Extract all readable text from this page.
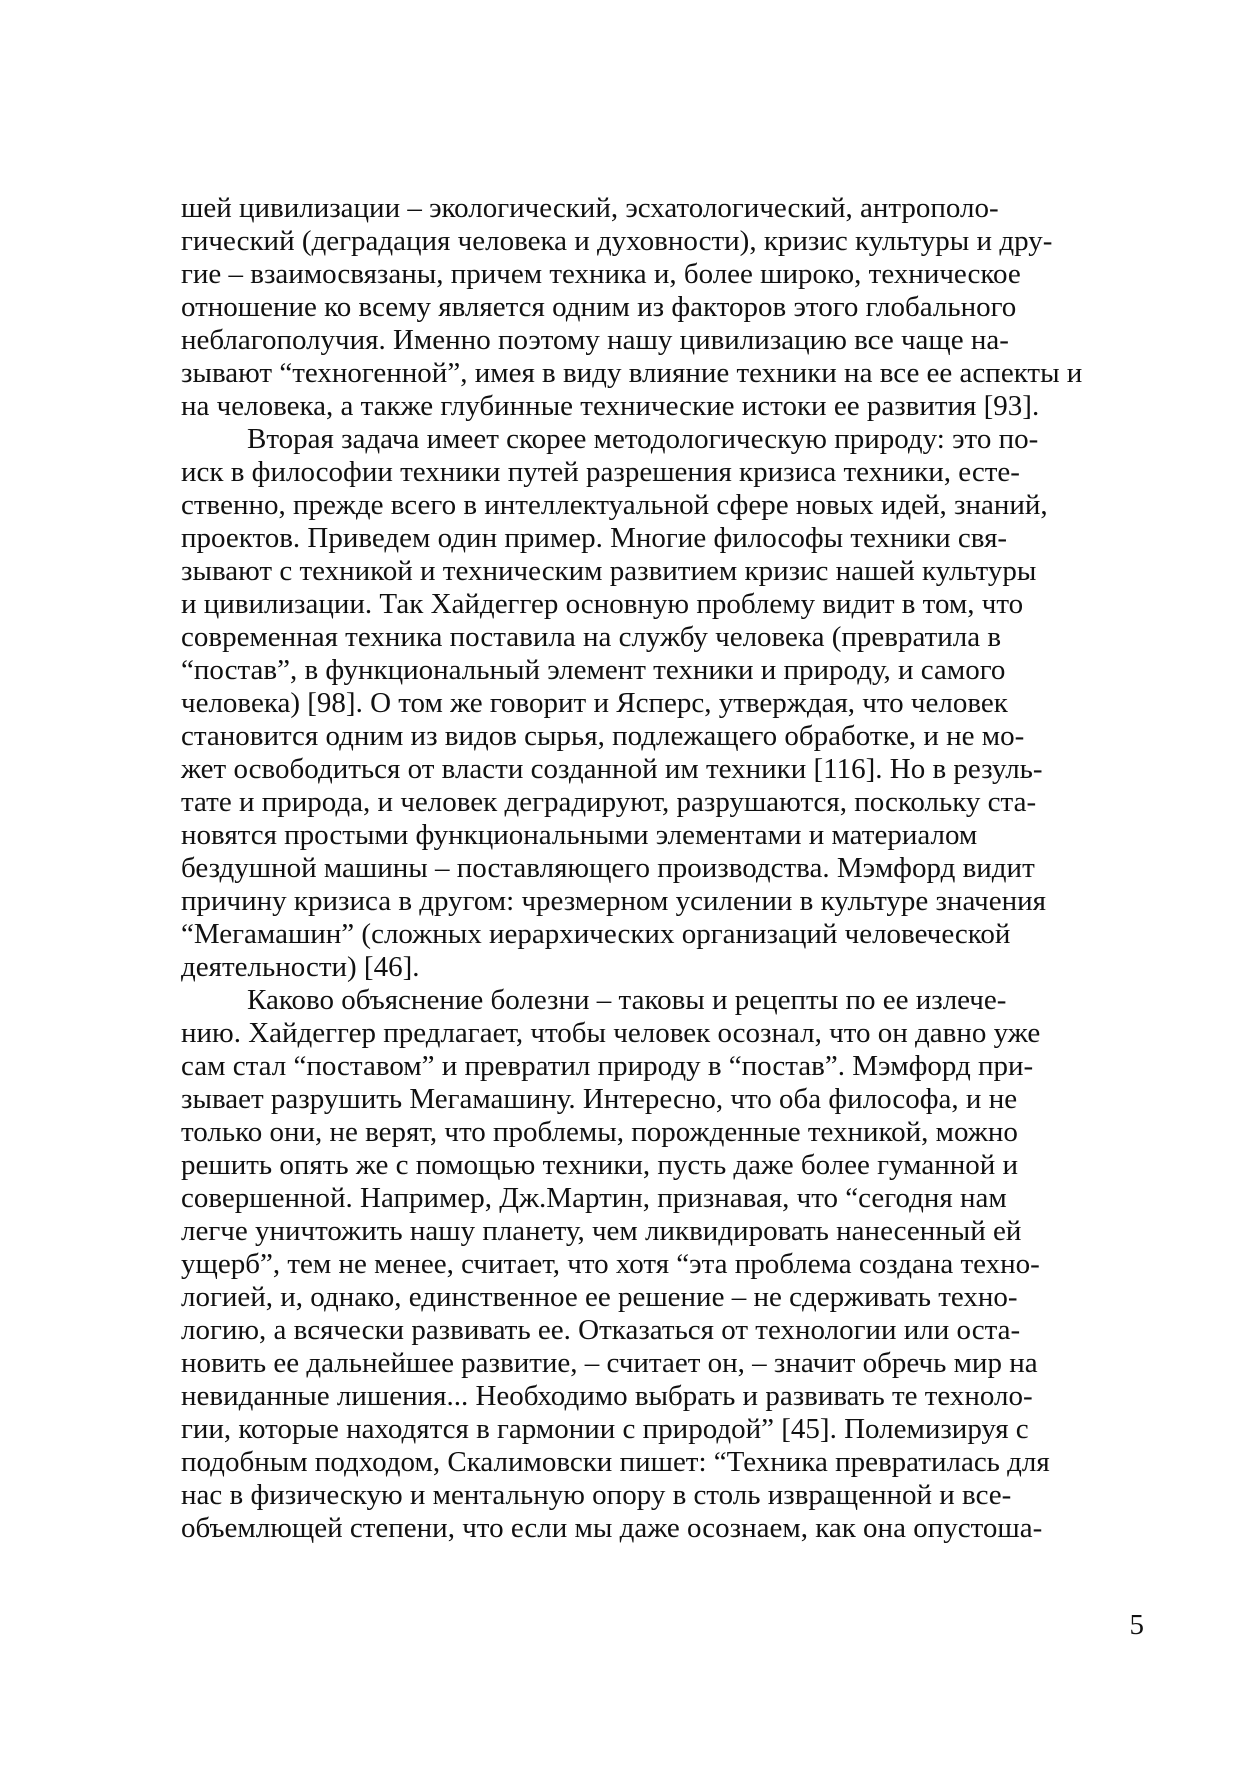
шей цивилизации – экологический, эсхатологический, антрополо-
гический (деградация человека и духовности), кризис культуры и дру-
гие – взаимосвязаны, причем техника и, более широко, техническое
отношение ко всему является одним из факторов этого глобального
неблагополучия. Именно поэтому нашу цивилизацию все чаще на-
зывают “техногенной”, имея в виду влияние техники на все ее аспекты и
на человека, а также глубинные технические истоки ее развития [93].
Вторая задача имеет скорее методологическую природу: это по-
иск в философии техники путей разрешения кризиса техники, есте-
ственно, прежде всего в интеллектуальной сфере новых идей, знаний,
проектов. Приведем один пример. Многие философы техники свя-
зывают с техникой и техническим развитием кризис нашей культуры
и цивилизации. Так Хайдеггер основную проблему видит в том, что
современная техника поставила на службу человека (превратила в
“постав”, в функциональный элемент техники и природу, и самого
человека) [98]. О том же говорит и Ясперс, утверждая, что человек
становится одним из видов сырья, подлежащего обработке, и не мо-
жет освободиться от власти созданной им техники [116]. Но в резуль-
тате и природа, и человек деградируют, разрушаются, поскольку ста-
новятся простыми функциональными элементами и материалом
бездушной машины – поставляющего производства. Мэмфорд видит
причину кризиса в другом: чрезмерном усилении в культуре значения
“Мегамашин” (сложных иерархических организаций человеческой
деятельности) [46].
Каково объяснение болезни – таковы и рецепты по ее излече-
нию. Хайдеггер предлагает, чтобы человек осознал, что он давно уже
сам стал “поставом” и превратил природу в “постав”. Мэмфорд при-
зывает разрушить Мегамашину. Интересно, что оба философа, и не
только они, не верят, что проблемы, порожденные техникой, можно
решить опять же с помощью техники, пусть даже более гуманной и
совершенной. Например, Дж.Мартин, признавая, что “сегодня нам
легче уничтожить нашу планету, чем ликвидировать нанесенный ей
ущерб”, тем не менее, считает, что хотя “эта проблема создана техно-
логией, и, однако, единственное ее решение – не сдерживать техно-
логию, а всячески развивать ее. Отказаться от технологии или оста-
новить ее дальнейшее развитие, – считает он, – значит обречь мир на
невиданные лишения... Необходимо выбрать и развивать те техноло-
гии, которые находятся в гармонии с природой” [45]. Полемизируя с
подобным подходом, Скалимовски пишет: “Техника превратилась для
нас в физическую и ментальную опору в столь извращенной и все-
объемлющей степени, что если мы даже осознаем, как она опустоша-
5
